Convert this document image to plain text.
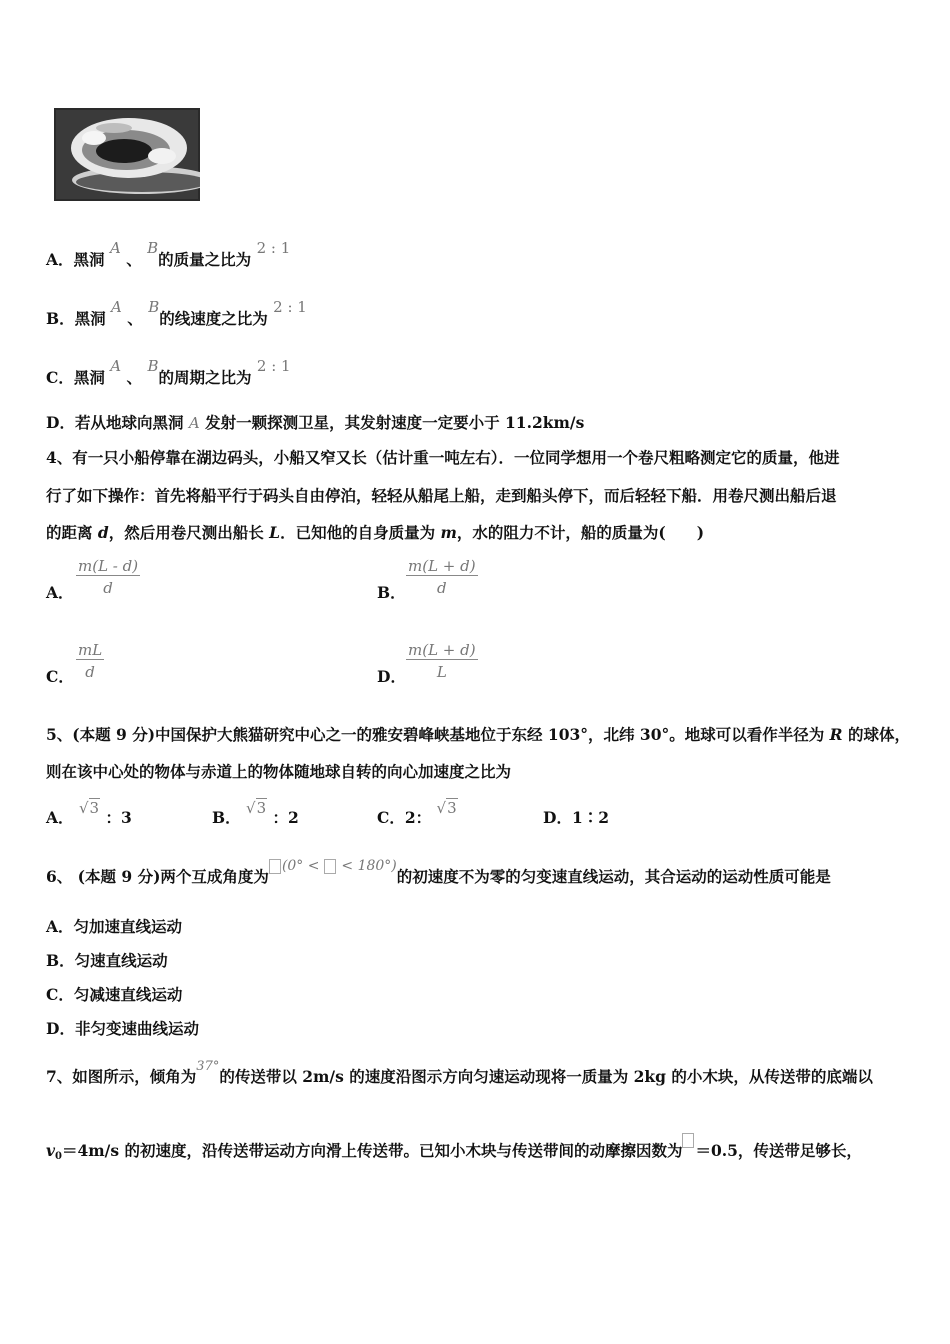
A．黑洞 A 、 B的质量之比为 2 : 1
B．黑洞 A 、 B的线速度之比为 2 : 1
C．黑洞 A 、 B的周期之比为 2 : 1
D．若从地球向黑洞 A 发射一颗探测卫星，其发射速度一定要小于 11.2km/s
4、有一只小船停靠在湖边码头，小船又窄又长（估计重一吨左右）．一位同学想用一个卷尺粗略测定它的质量，他进
行了如下操作：首先将船平行于码头自由停泊，轻轻从船尾上船，走到船头停下，而后轻轻下船．用卷尺测出船后退
的距离 d，然后用卷尺测出船长 L．已知他的自身质量为 m，水的阻力不计，船的质量为(　　)
A． $\frac{m(L - d)}{d}$	B． $\frac{m(L + d)}{d}$
C． $\frac{mL}{d}$	D． $\frac{m(L + d)}{L}$
5、(本题 9 分)中国保护大熊猫研究中心之一的雅安碧峰峡基地位于东经 103°，北纬 30°。地球可以看作半径为 R 的球体，
则在该中心处的物体与赤道上的物体随地球自转的向心加速度之比为
A． √3 ：3	B． √3 ：2	C．2： √3	D．1∶2
6、 (本题 9 分)两个互成角度为(0° <  < 180°)的初速度不为零的匀变速直线运动，其合运动的运动性质可能是
A．匀加速直线运动
B．匀速直线运动
C．匀减速直线运动
D．非匀变速曲线运动
7、如图所示，倾角为$^{37^\circ}$的传送带以 2m/s 的速度沿图示方向匀速运动现将一质量为 2kg 的小木块，从传送带的底端以
$v_0=4m/s$ 的初速度，沿传送带运动方向滑上传送带。已知小木块与传送带间的动摩擦因数为 ＝0.5，传送带足够长，
